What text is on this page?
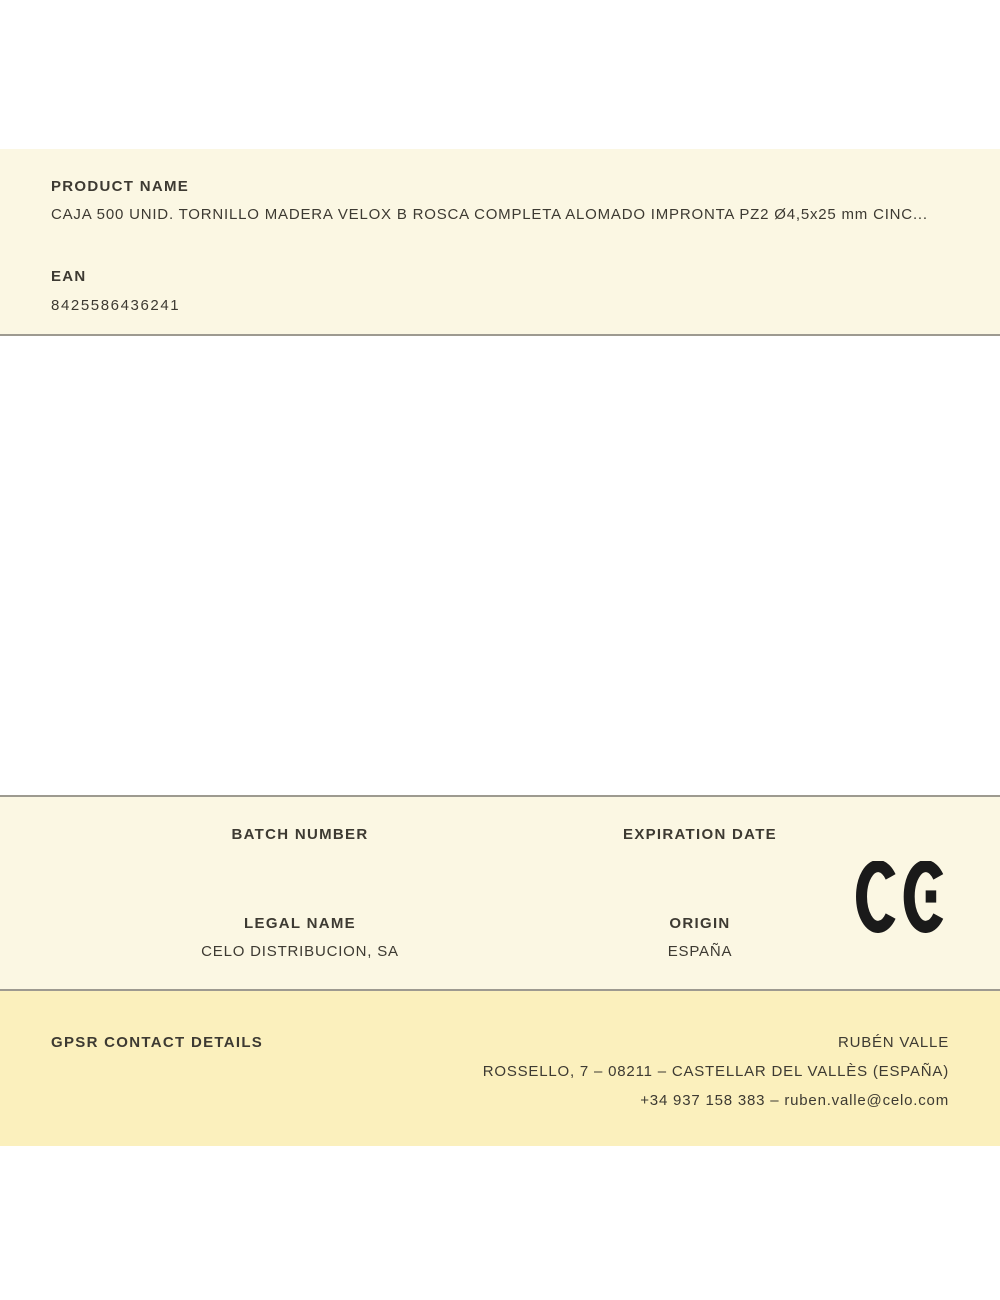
PRODUCT NAME
CAJA 500 UNID. TORNILLO MADERA VELOX B ROSCA COMPLETA ALOMADO IMPRONTA PZ2 Ø4,5x25 mm CINC...
EAN
8425586436241
BATCH NUMBER
LEGAL NAME
CELO DISTRIBUCION, SA
EXPIRATION DATE
ORIGIN
ESPAÑA
GPSR CONTACT DETAILS	RUBÉN VALLE
ROSSELLO, 7 – 08211 – CASTELLAR DEL VALLÈS (ESPAÑA)
+34 937 158 383 – ruben.valle@celo.com
